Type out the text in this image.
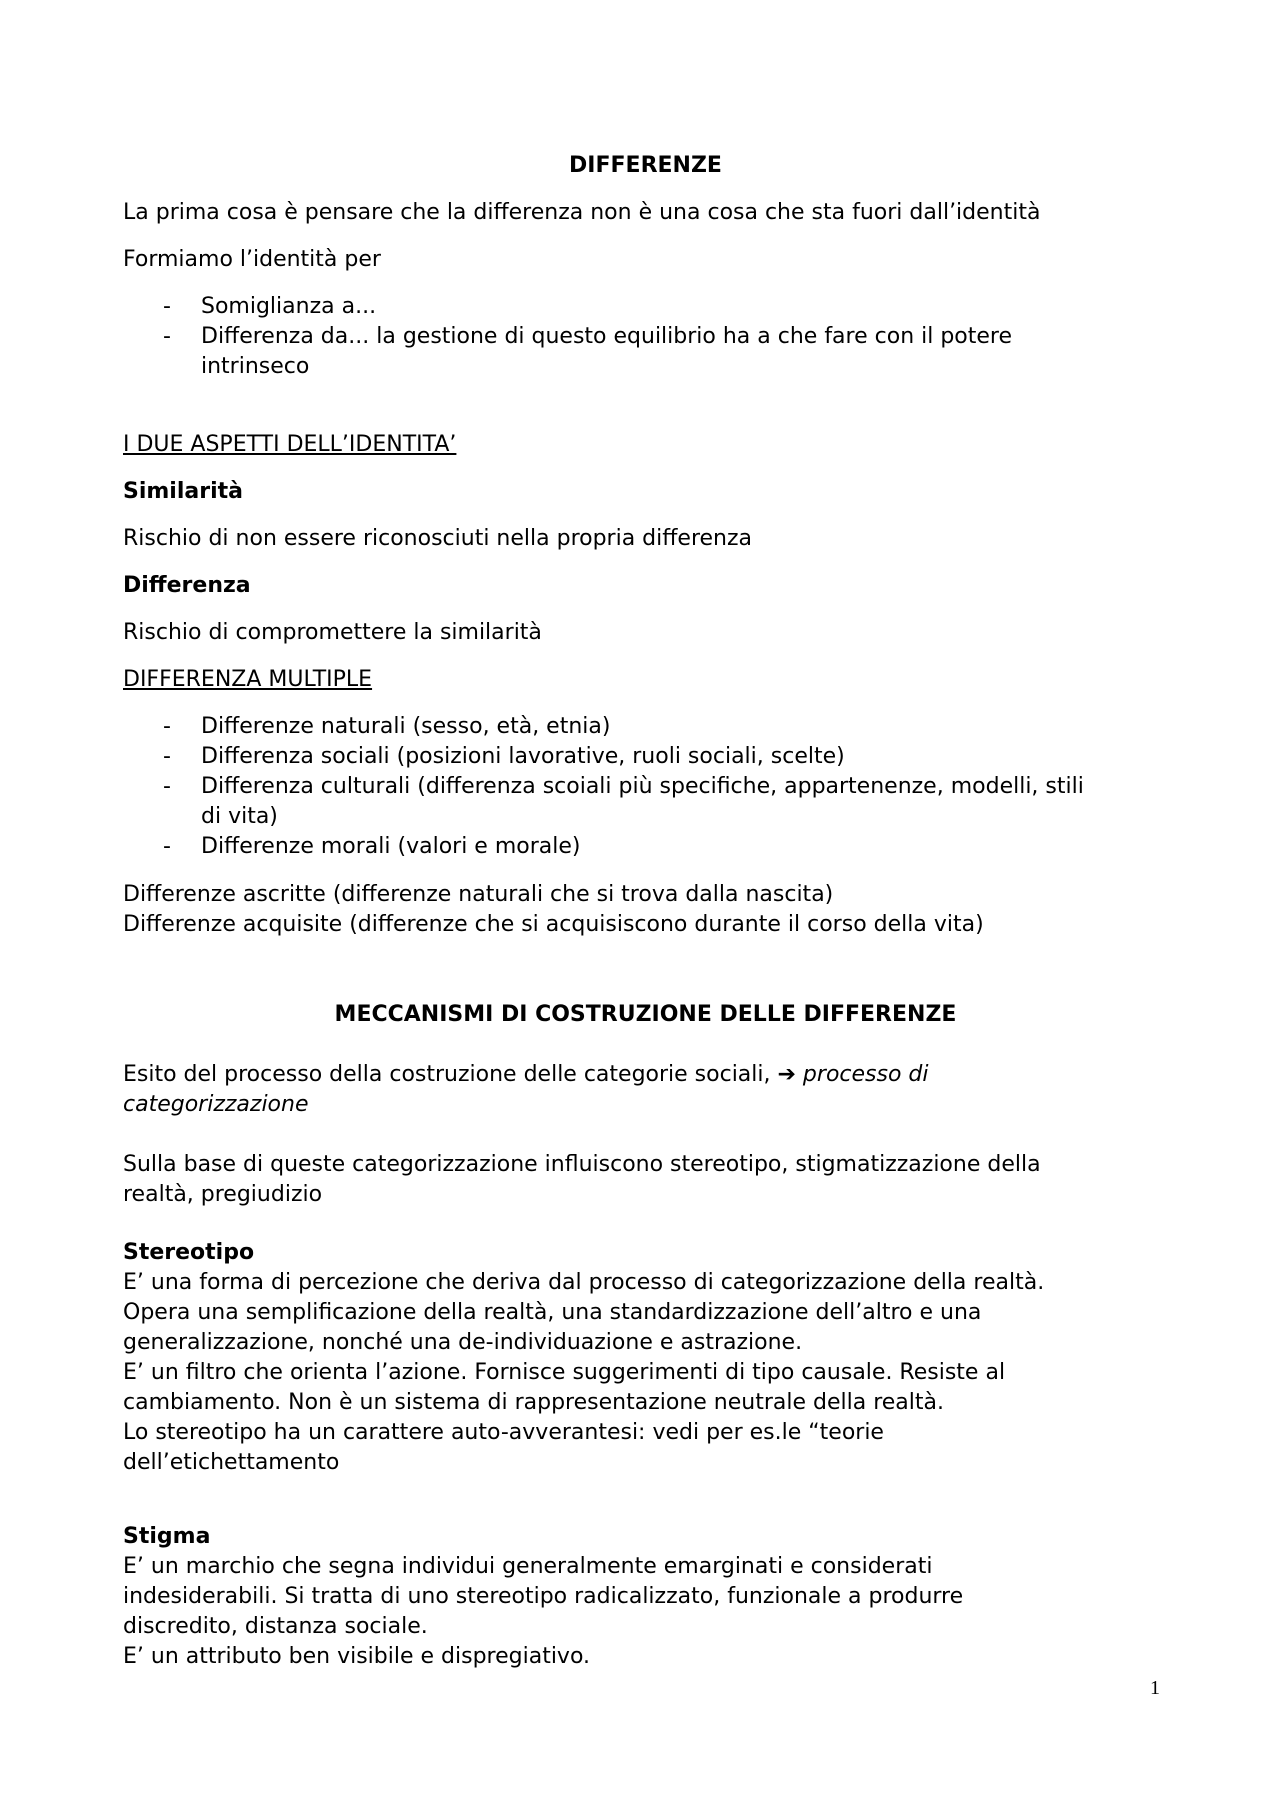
DIFFERENZE
La prima cosa è pensare che la differenza non è una cosa che sta fuori dall’identità
Formiamo l’identità per
- Somiglianza a...
- Differenza da... la gestione di questo equilibrio ha a che fare con il potere
intrinseco
I DUE ASPETTI DELL’IDENTITA’
Similarità
Rischio di non essere riconosciuti nella propria differenza
Differenza
Rischio di compromettere la similarità
DIFFERENZA MULTIPLE
- Differenze naturali (sesso, età, etnia)
- Differenza sociali (posizioni lavorative, ruoli sociali, scelte)
- Differenza culturali (differenza scoiali più specifiche, appartenenze, modelli, stili
di vita)
- Differenze morali (valori e morale)
Differenze ascritte (differenze naturali che si trova dalla nascita)
Differenze acquisite (differenze che si acquisiscono durante il corso della vita)
MECCANISMI DI COSTRUZIONE DELLE DIFFERENZE
Esito del processo della costruzione delle categorie sociali, ➔ processo di
categorizzazione
Sulla base di queste categorizzazione influiscono stereotipo, stigmatizzazione della
realtà, pregiudizio
Stereotipo
E’ una forma di percezione che deriva dal processo di categorizzazione della realtà.
Opera una semplificazione della realtà, una standardizzazione dell’altro e una
generalizzazione, nonché una de-individuazione e astrazione.
E’ un filtro che orienta l’azione. Fornisce suggerimenti di tipo causale. Resiste al
cambiamento. Non è un sistema di rappresentazione neutrale della realtà.
Lo stereotipo ha un carattere auto-avverantesi: vedi per es.le “teorie
dell’etichettamento
Stigma
E’ un marchio che segna individui generalmente emarginati e considerati
indesiderabili. Si tratta di uno stereotipo radicalizzato, funzionale a produrre
discredito, distanza sociale.
E’ un attributo ben visibile e dispregiativo.
1
